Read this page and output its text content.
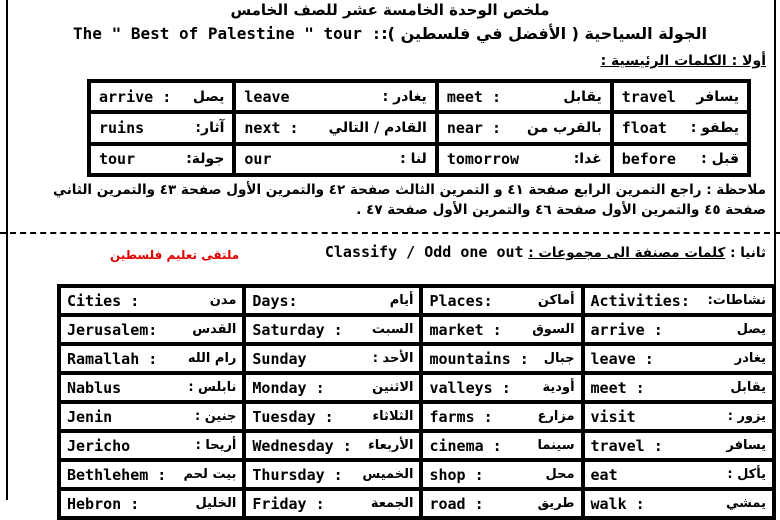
ملخص الوحدة الخامسة عشر للصف الخامس
The " Best of Palestine " tour :الجولة السياحية ( الأفضل في فلسطين ):
أولا : الكلمات الرئيسية :
arrive : يصل	leave يغادر :	meet : يقابل	travel يسافر

ruins آثار:	next : القادم / التالي	near : بالقرب من	float يطفو :

tour جولة:	our لنا :	tomorrow غدا:	before قبل :
ملاحظة : راجع التمرين الرابع صفحة ٤١ و التمرين الثالث صفحة ٤٢ والتمرين الأول صفحة ٤٣ والتمرين الثاني صفحة ٤٥ والتمرين الأول صفحة ٤٦ والتمرين الأول صفحة ٤٧ .
ثانيا : كلمات مصنفة الى مجموعات : Classify / Odd one out
ملتقى تعليم فلسطين
Cities : مدن	Days: أيام	Places: أماكن	Activities: نشاطات:

Jerusalem: القدس	Saturday : السبت	market : السوق	arrive : يصل

Ramallah : رام الله	Sunday الأحد :	mountains : جبال	leave : يغادر

Nablus نابلس :	Monday : الاثنين	valleys : أودية	meet : يقابل

Jenin جنين :	Tuesday : الثلاثاء	farms : مزارع	visit يزور :

Jericho أريحا :	Wednesday : الأربعاء	cinema : سينما	travel : يسافر

Bethlehem : بيت لحم	Thursday : الخميس	shop : محل	eat يأكل :

Hebron : الخليل	Friday : الجمعة	road : طريق	walk : يمشي
